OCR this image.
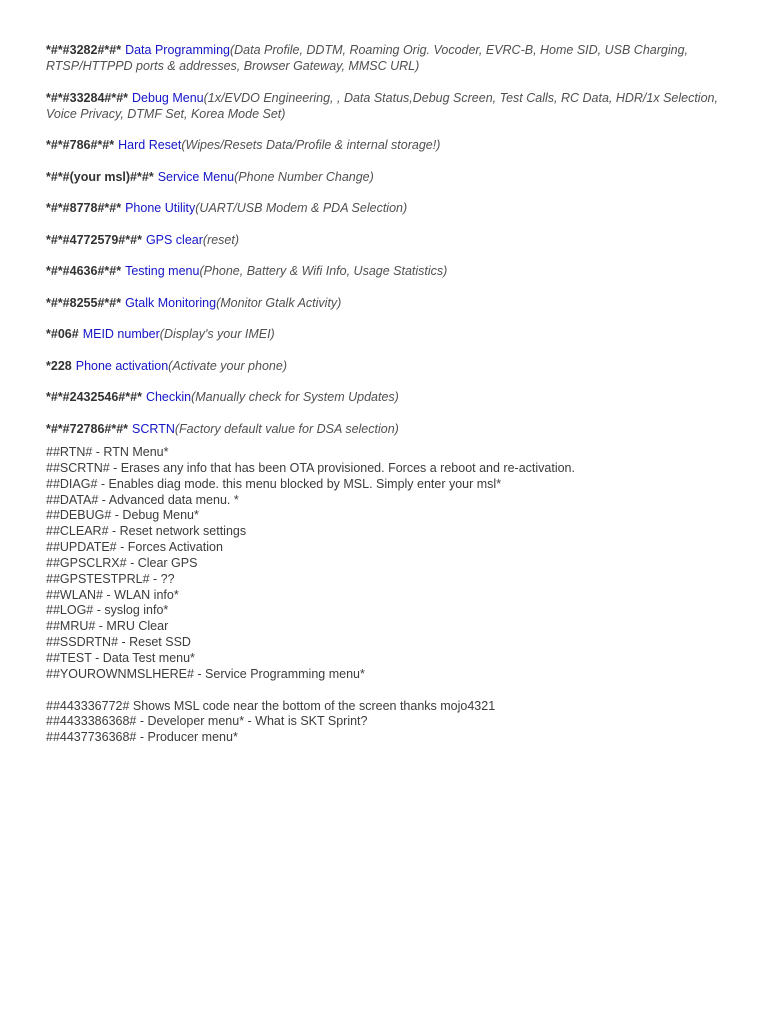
*#*#3282#*#* Data Programming(Data Profile, DDTM, Roaming Orig. Vocoder, EVRC-B, Home SID, USB Charging, RTSP/HTTPPD ports & addresses, Browser Gateway, MMSC URL)
*#*#33284#*#* Debug Menu(1x/EVDO Engineering, , Data Status,Debug Screen, Test Calls, RC Data, HDR/1x Selection, Voice Privacy, DTMF Set, Korea Mode Set)
*#*#786#*#* Hard Reset(Wipes/Resets Data/Profile & internal storage!)
*#*#(your msl)#*#* Service Menu(Phone Number Change)
*#*#8778#*#* Phone Utility(UART/USB Modem & PDA Selection)
*#*#4772579#*#* GPS clear(reset)
*#*#4636#*#* Testing menu(Phone, Battery & Wifi Info, Usage Statistics)
*#*#8255#*#* Gtalk Monitoring(Monitor Gtalk Activity)
*#06# MEID number(Display's your IMEI)
*228 Phone activation(Activate your phone)
*#*#2432546#*#* Checkin(Manually check for System Updates)
*#*#72786#*#* SCRTN(Factory default value for DSA selection)
##RTN# - RTN Menu*
##SCRTN# - Erases any info that has been OTA provisioned. Forces a reboot and re-activation.
##DIAG# - Enables diag mode. this menu blocked by MSL. Simply enter your msl*
##DATA# - Advanced data menu. *
##DEBUG# - Debug Menu*
##CLEAR# - Reset network settings
##UPDATE# - Forces Activation
##GPSCLRX# - Clear GPS
##GPSTESTPRL# - ??
##WLAN# - WLAN info*
##LOG# - syslog info*
##MRU# - MRU Clear
##SSDRTN# - Reset SSD
##TEST - Data Test menu*
##YOUROWNMSLHERE# - Service Programming menu*
##443336772# Shows MSL code near the bottom of the screen thanks mojo4321
##4433386368# - Developer menu* - What is SKT Sprint?
##4437736368# - Producer menu*
